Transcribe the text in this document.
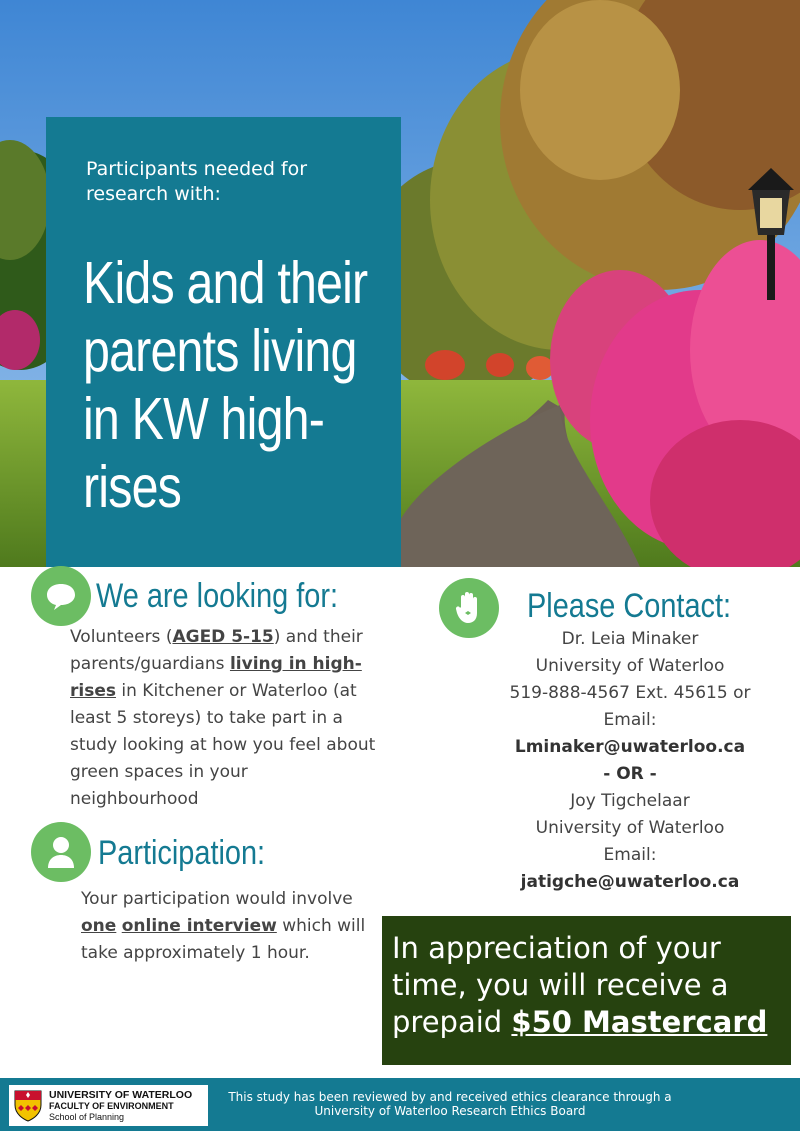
Participants needed for research with:
Kids and their parents living in KW high-rises
We are looking for:
Volunteers (AGED 5-15) and their parents/guardians living in high-rises in Kitchener or Waterloo (at least 5 storeys) to take part in a study looking at how you feel about green spaces in your neighbourhood
Participation:
Your participation would involve one online interview which will take approximately 1 hour.
Please Contact:
Dr. Leia Minaker
University of Waterloo
519-888-4567 Ext. 45615 or
Email:
Lminaker@uwaterloo.ca
- OR -
Joy Tigchelaar
University of Waterloo
Email:
jatigche@uwaterloo.ca
In appreciation of your time, you will receive a prepaid $50 Mastercard
UNIVERSITY OF WATERLOO
FACULTY OF ENVIRONMENT
School of Planning
This study has been reviewed by and received ethics clearance through a University of Waterloo Research Ethics Board
